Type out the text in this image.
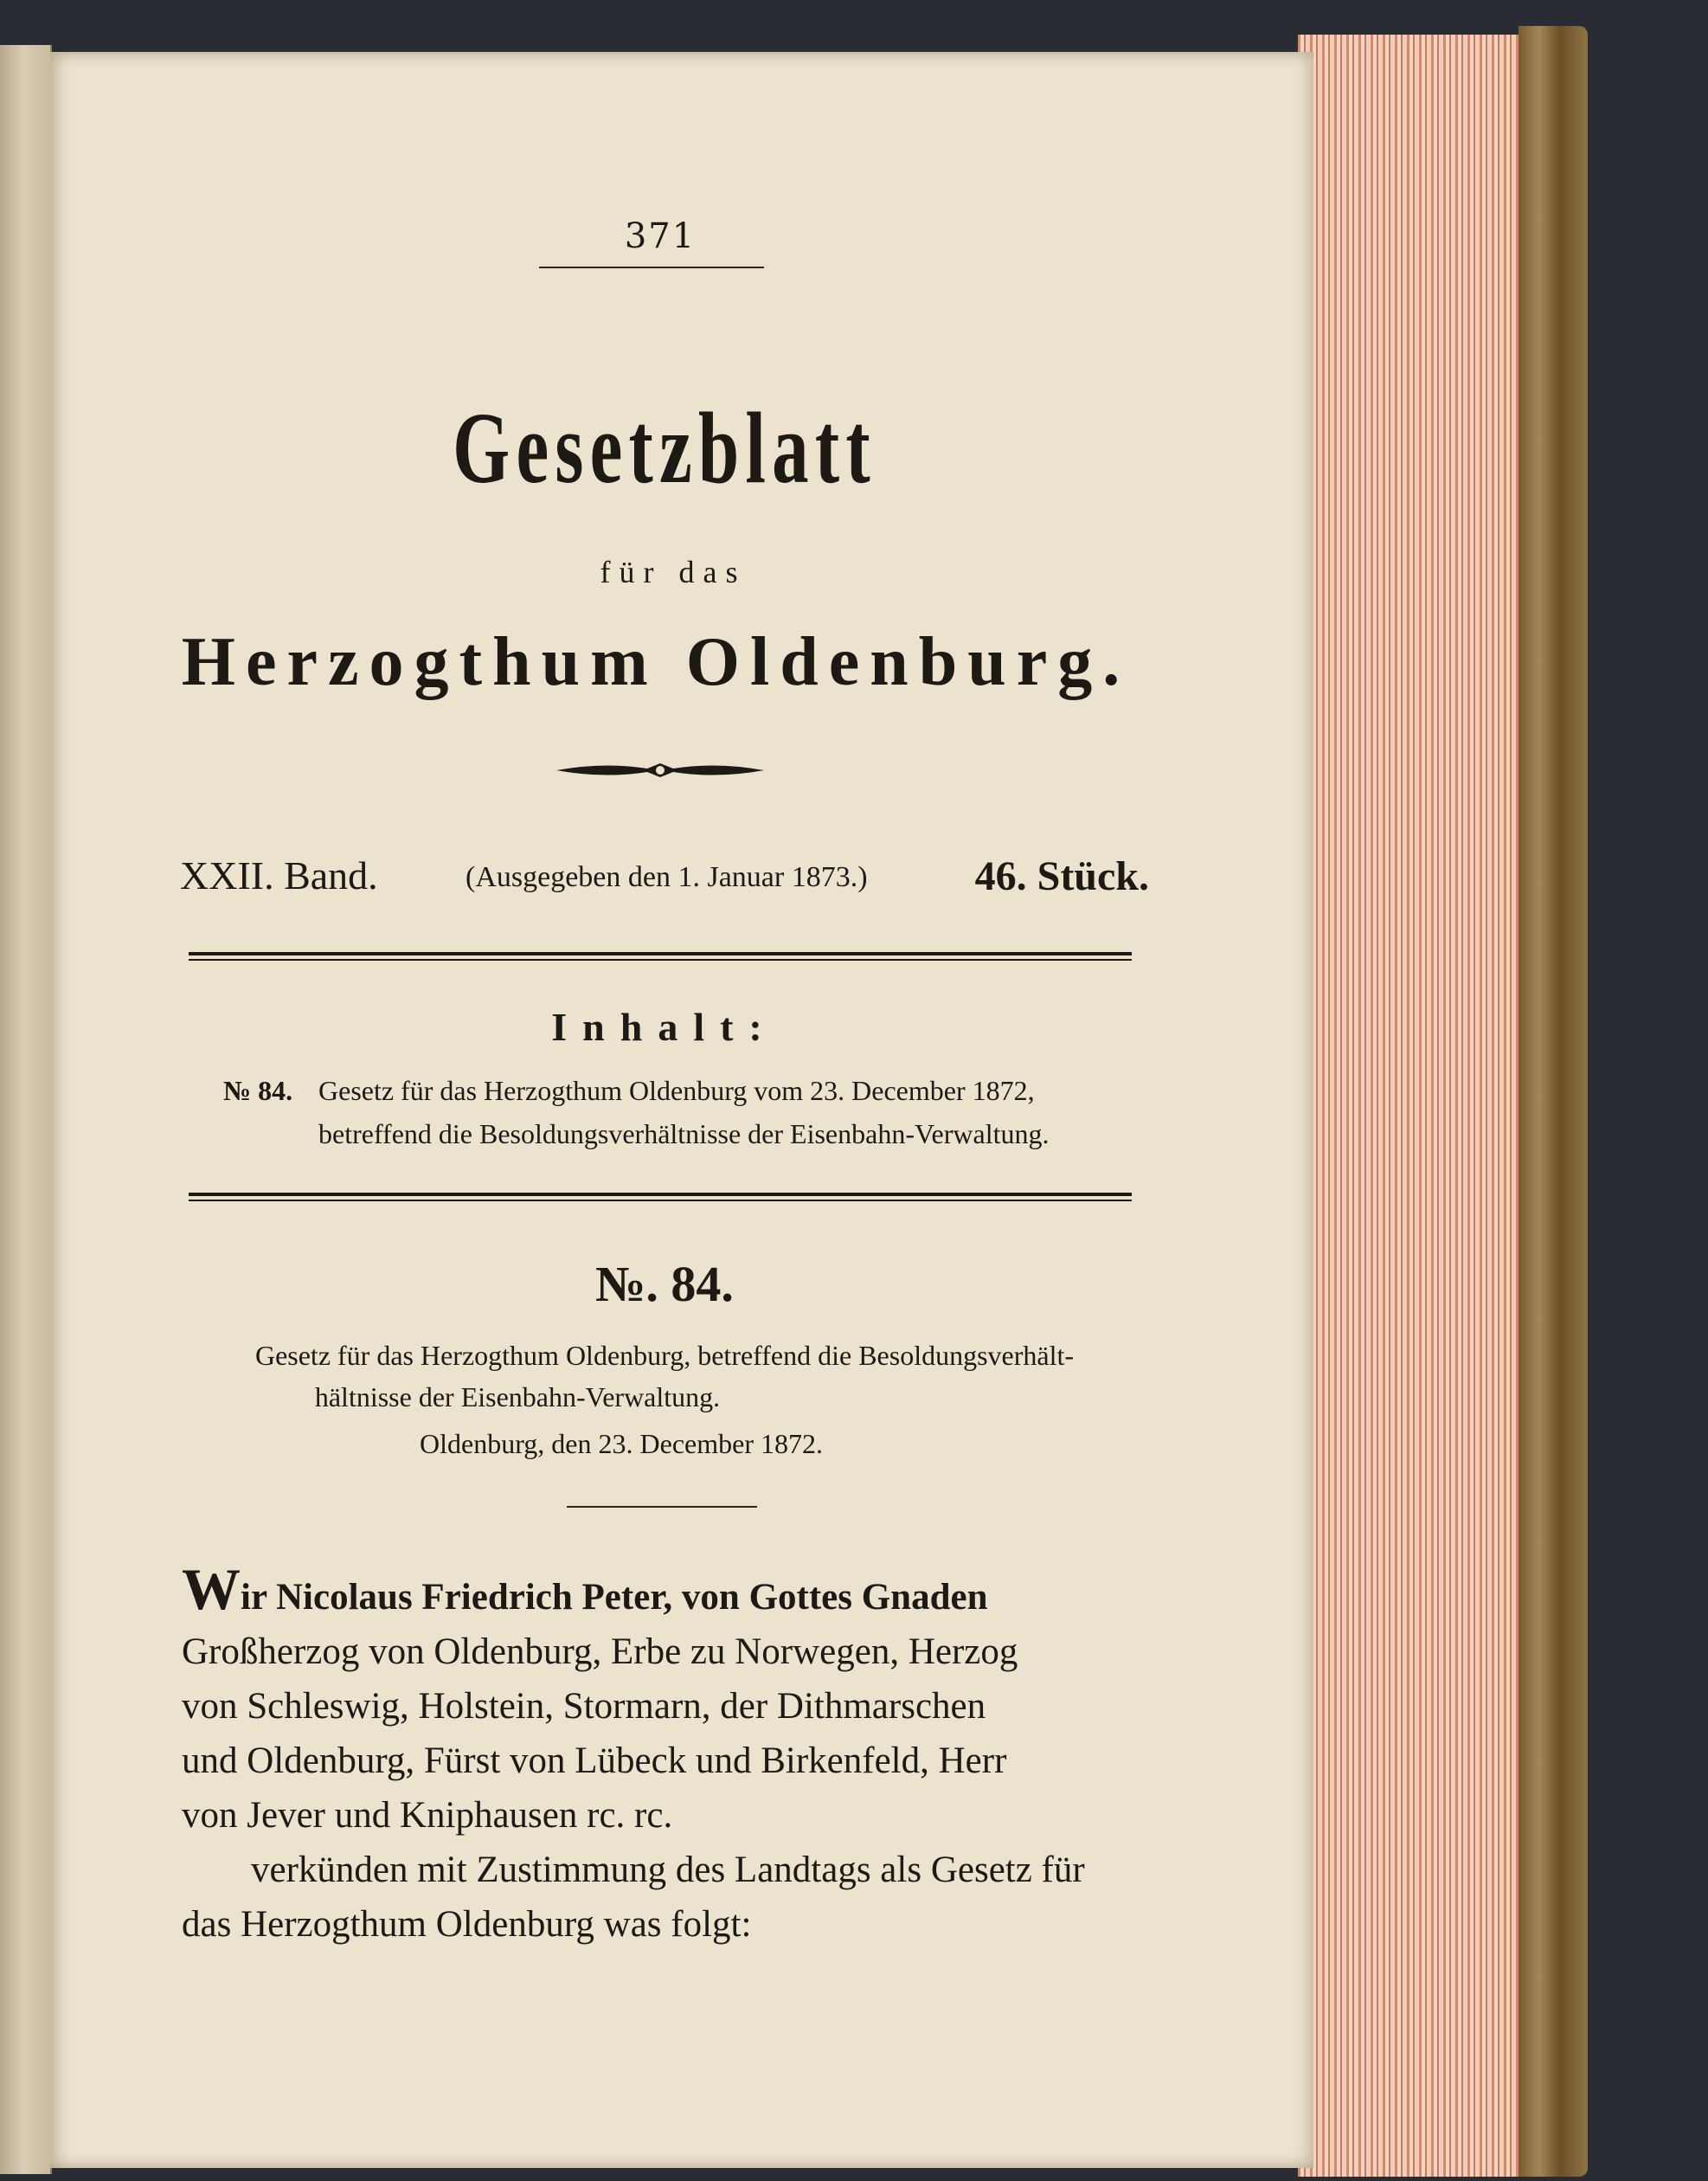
371
Gesetzblatt
für das
Herzogthum Oldenburg.
XXII. Band.	(Ausgegeben den 1. Januar 1873.)	46. Stück.
Inhalt:
№ 84. Gesetz für das Herzogthum Oldenburg vom 23. December 1872,
betreffend die Besoldungsverhältnisse der Eisenbahn-Verwaltung.
№. 84.
Gesetz für das Herzogthum Oldenburg, betreffend die Besoldungsverhält-
hältnisse der Eisenbahn-Verwaltung.
Oldenburg, den 23. December 1872.
Wir Nicolaus Friedrich Peter, von Gottes Gnaden
Großherzog von Oldenburg, Erbe zu Norwegen, Herzog
von Schleswig, Holstein, Stormarn, der Dithmarschen
und Oldenburg, Fürst von Lübeck und Birkenfeld, Herr
von Jever und Kniphausen rc. rc.
verkünden mit Zustimmung des Landtags als Gesetz für
das Herzogthum Oldenburg was folgt:
